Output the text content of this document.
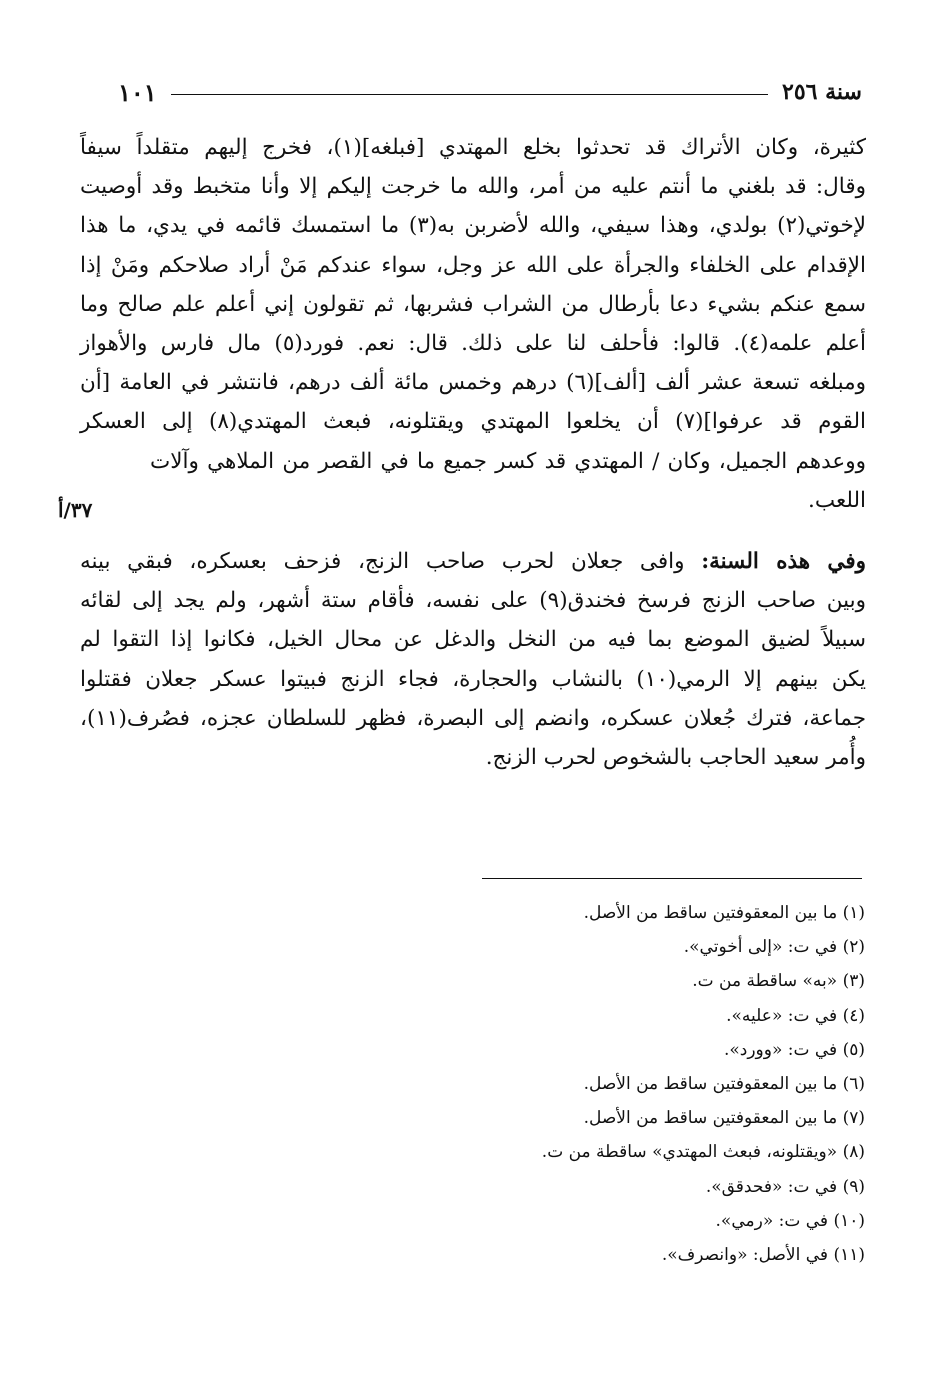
سنة ٢٥٦
١٠١
٣٧/أ
كثيرة، وكان الأتراك قد تحدثوا بخلع المهتدي [فبلغه](١)، فخرج إليهم متقلداً سيفاً
وقال: قد بلغني ما أنتم عليه من أمر، والله ما خرجت إليكم إلا وأنا متخبط وقد أوصيت
لإخوتي(٢) بولدي، وهذا سيفي، والله لأضربن به(٣) ما استمسك قائمه في يدي، ما هذا
الإقدام على الخلفاء والجرأة على الله عز وجل، سواء عندكم مَنْ أراد صلاحكم ومَنْ إذا
سمع عنكم بشيء دعا بأرطال من الشراب فشربها، ثم تقولون إني أعلم علم صالح وما
أعلم علمه(٤). قالوا: فأحلف لنا على ذلك. قال: نعم. فورد(٥) مال فارس والأهواز
ومبلغه تسعة عشر ألف [ألف](٦) درهم وخمس مائة ألف درهم، فانتشر في العامة [أن
القوم قد عرفوا](٧) أن يخلعوا المهتدي ويقتلونه، فبعث المهتدي(٨) إلى العسكر
ووعدهم الجميل، وكان / المهتدي قد كسر جميع ما في القصر من الملاهي وآلات
اللعب.
وفي هذه السنة: وافى جعلان لحرب صاحب الزنج، فزحف بعسكره، فبقي بينه
وبين صاحب الزنج فرسخ فخندق(٩) على نفسه، فأقام ستة أشهر، ولم يجد إلى لقائه
سبيلاً لضيق الموضع بما فيه من النخل والدغل عن محال الخيل، فكانوا إذا التقوا لم
يكن بينهم إلا الرمي(١٠) بالنشاب والحجارة، فجاء الزنج فبيتوا عسكر جعلان فقتلوا
جماعة، فترك جُعلان عسكره، وانضم إلى البصرة، فظهر للسلطان عجزه، فصُرف(١١)،
وأُمر سعيد الحاجب بالشخوص لحرب الزنج.
(١) ما بين المعقوفتين ساقط من الأصل.
(٢) في ت: «إلى أخوتي».
(٣) «به» ساقطة من ت.
(٤) في ت: «عليه».
(٥) في ت: «وورد».
(٦) ما بين المعقوفتين ساقط من الأصل.
(٧) ما بين المعقوفتين ساقط من الأصل.
(٨) «ويقتلونه، فبعث المهتدي» ساقطة من ت.
(٩) في ت: «فحدقق».
(١٠) في ت: «رمي».
(١١) في الأصل: «وانصرف».
